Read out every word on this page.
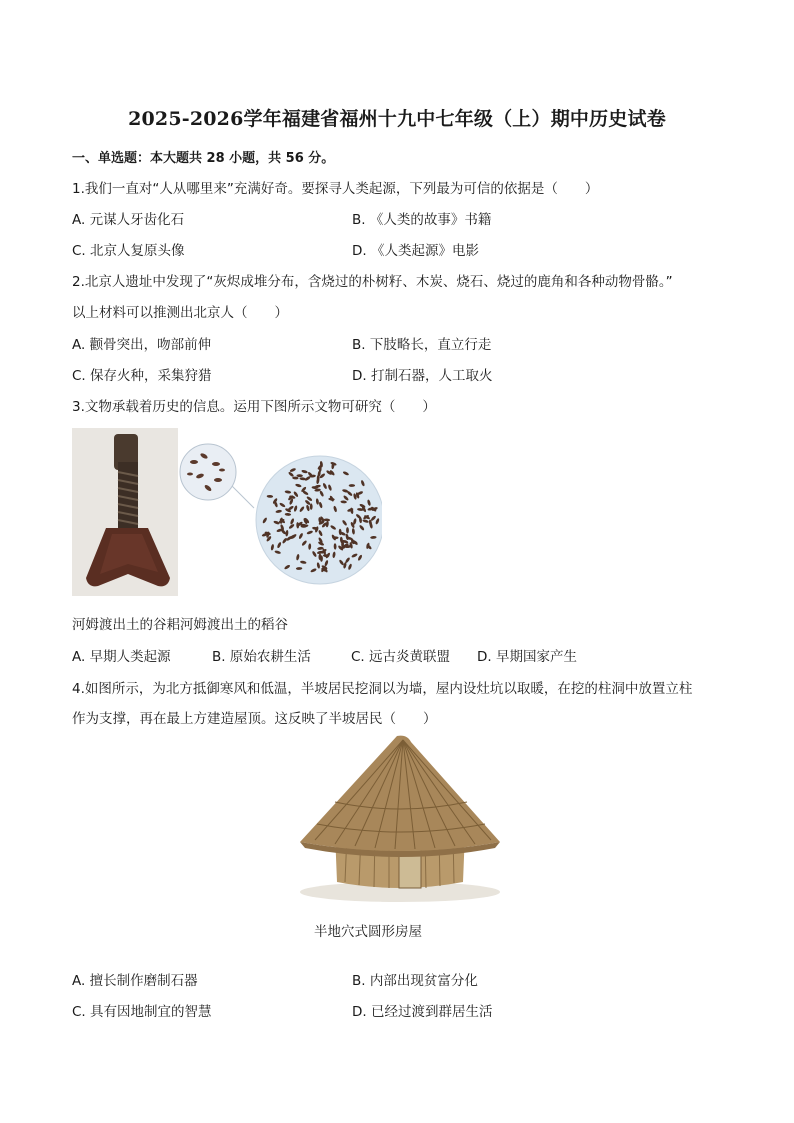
2025-2026学年福建省福州十九中七年级（上）期中历史试卷
一、单选题：本大题共 28 小题，共 56 分。
1.我们一直对“人从哪里来”充满好奇。要探寻人类起源，下列最为可信的依据是（　　）
A. 元谋人牙齿化石	B. 《人类的故事》书籍
C. 北京人复原头像	D. 《人类起源》电影
2.北京人遗址中发现了“灰烬成堆分布，含烧过的朴树籽、木炭、烧石、烧过的鹿角和各种动物骨骼。”
以上材料可以推测出北京人（　　）
A. 颧骨突出，吻部前伸	B. 下肢略长，直立行走
C. 保存火种，采集狩猎	D. 打制石器，人工取火
3.文物承载着历史的信息。运用下图所示文物可研究（　　）
河姆渡出土的谷耜河姆渡出土的稻谷
A. 早期人类起源	B. 原始农耕生活	C. 远古炎黄联盟 D. 早期国家产生
4.如图所示，为北方抵御寒风和低温，半坡居民挖洞以为墙，屋内设灶坑以取暖，在挖的柱洞中放置立柱
作为支撑，再在最上方建造屋顶。这反映了半坡居民（　　）
半地穴式圆形房屋
A. 擅长制作磨制石器	B. 内部出现贫富分化
C. 具有因地制宜的智慧	D. 已经过渡到群居生活
